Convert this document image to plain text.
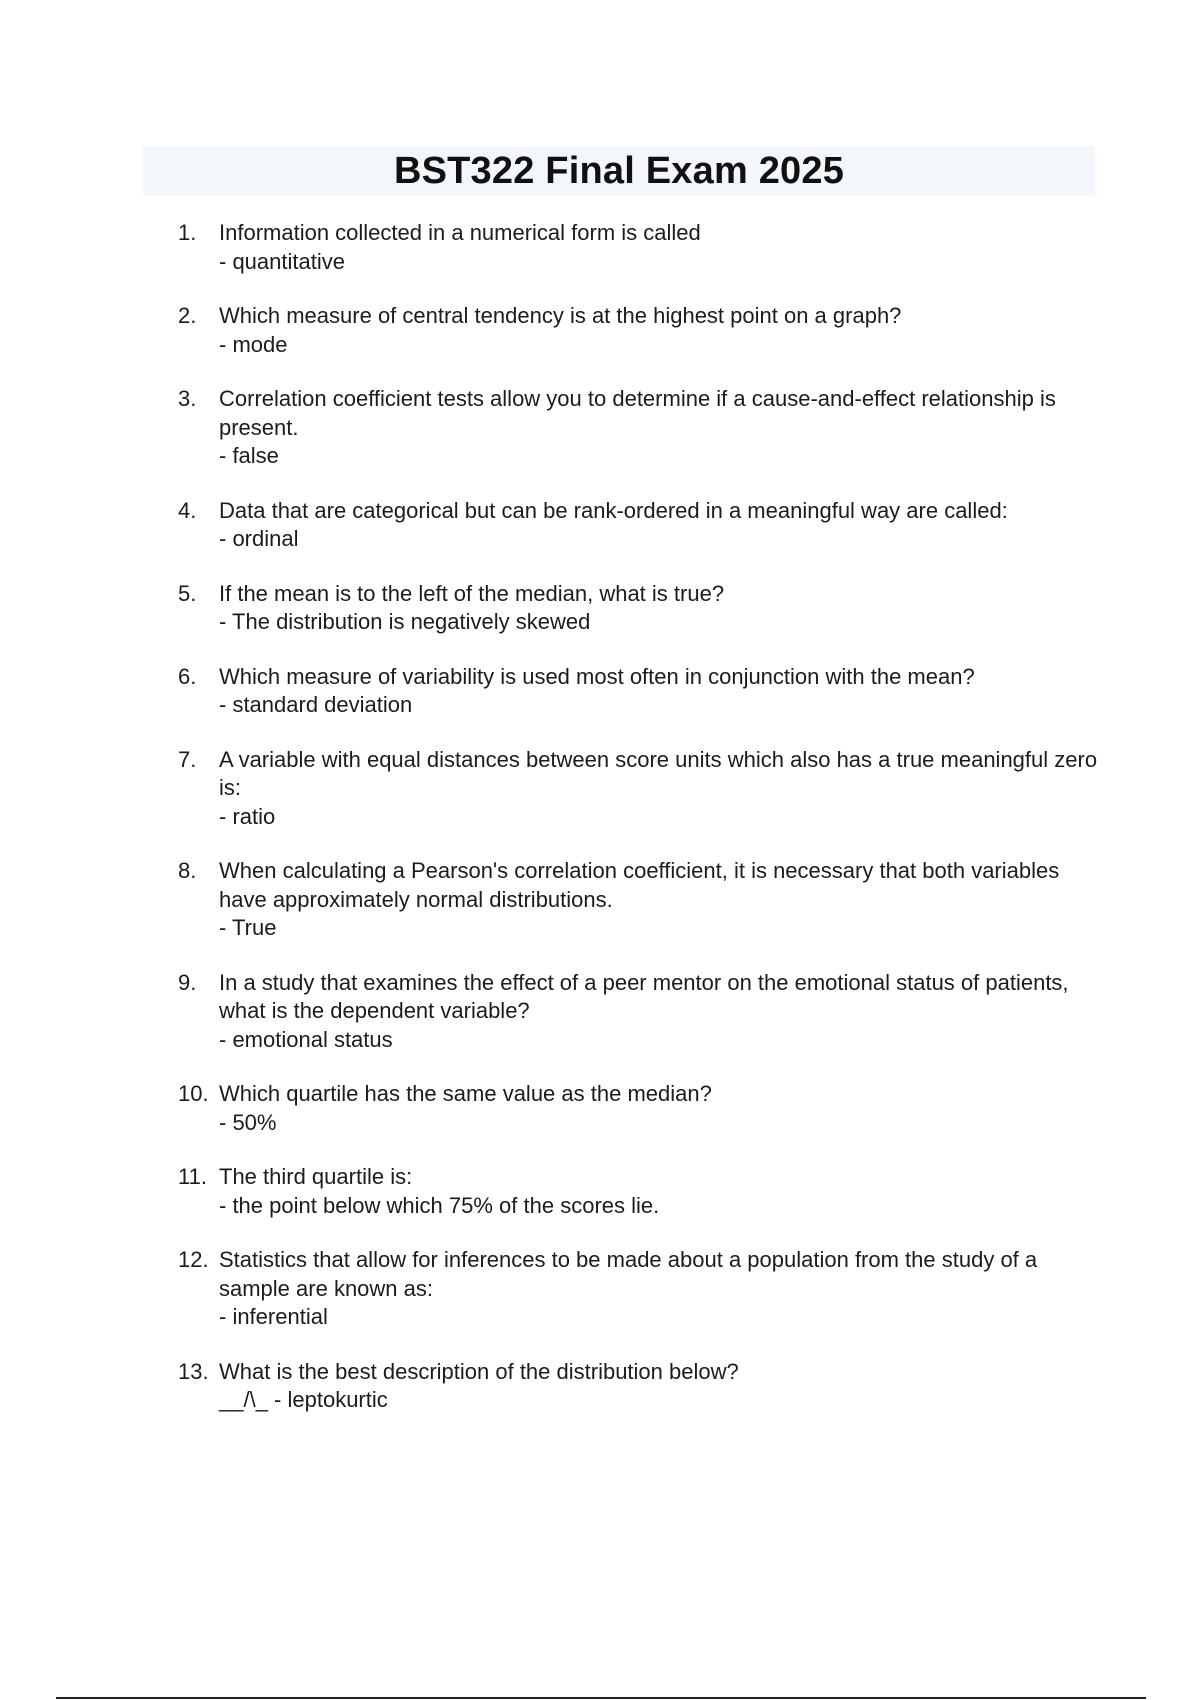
BST322 Final Exam 2025
1.	Information collected in a numerical form is called
- quantitative
2.	Which measure of central tendency is at the highest point on a graph?
- mode
3.	Correlation coefficient tests allow you to determine if a cause-and-effect relationship is present.
- false
4.	Data that are categorical but can be rank-ordered in a meaningful way are called:
- ordinal
5.	If the mean is to the left of the median, what is true?
- The distribution is negatively skewed
6.	Which measure of variability is used most often in conjunction with the mean?
- standard deviation
7.	A variable with equal distances between score units which also has a true meaningful zero is:
- ratio
8.	When calculating a Pearson's correlation coefficient, it is necessary that both variables have approximately normal distributions.
- True
9.	In a study that examines the effect of a peer mentor on the emotional status of patients, what is the dependent variable?
- emotional status
10. Which quartile has the same value as the median?
- 50%
11. The third quartile is:
- the point below which 75% of the scores lie.
12. Statistics that allow for inferences to be made about a population from the study of a sample are known as:
- inferential
13. What is the best description of the distribution below?
__/\_ - leptokurtic
